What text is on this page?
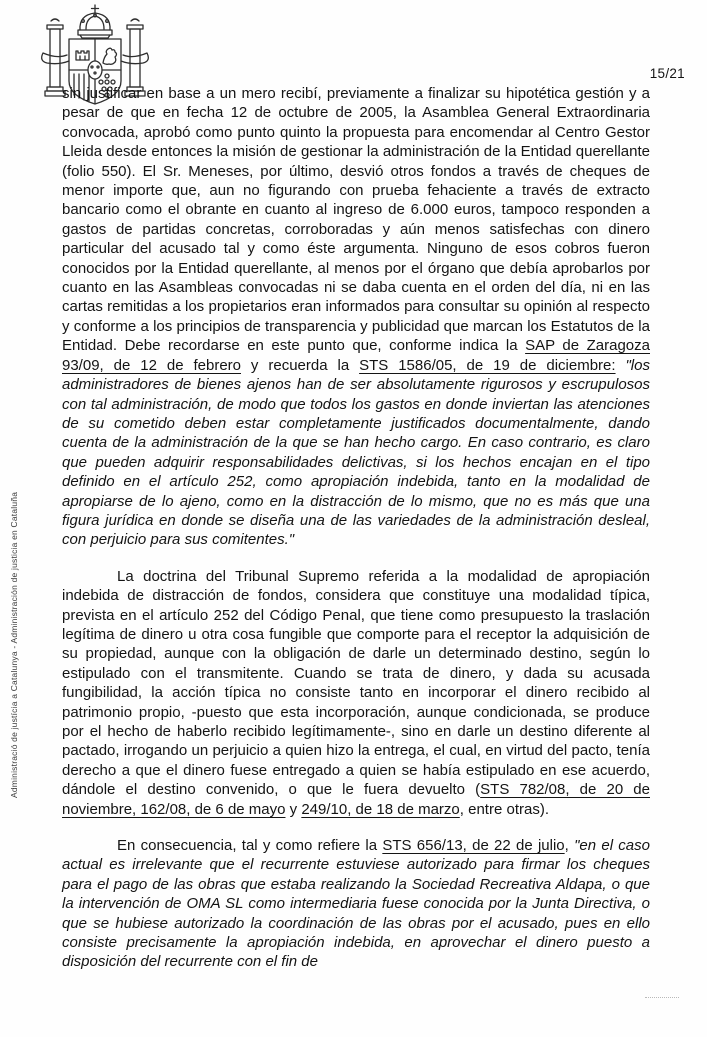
15/21
Administració de justícia a Catalunya - Administración de justicia en Cataluña

sin justificar en base a un mero recibí, previamente a finalizar su hipotética gestión y a pesar de que en fecha 12 de octubre de 2005, la Asamblea General Extraordinaria convocada, aprobó como punto quinto la propuesta para encomendar al Centro Gestor Lleida desde entonces la misión de gestionar la administración de la Entidad querellante (folio 550). El Sr. Meneses, por último, desvió otros fondos a través de cheques de menor importe que, aun no figurando con prueba fehaciente a través de extracto bancario como el obrante en cuanto al ingreso de 6.000 euros, tampoco responden a gastos de partidas concretas, corroboradas y aún menos satisfechas con dinero particular del acusado tal y como éste argumenta. Ninguno de esos cobros fueron conocidos por la Entidad querellante, al menos por el órgano que debía aprobarlos por cuanto en las Asambleas convocadas ni se daba cuenta en el orden del día, ni en las cartas remitidas a los propietarios eran informados para consultar su opinión al respecto y conforme a los principios de transparencia y publicidad que marcan los Estatutos de la Entidad. Debe recordarse en este punto que, conforme indica la SAP de Zaragoza 93/09, de 12 de febrero y recuerda la STS 1586/05, de 19 de diciembre: "los administradores de bienes ajenos han de ser absolutamente rigurosos y escrupulosos con tal administración, de modo que todos los gastos en donde inviertan las atenciones de su cometido deben estar completamente justificados documentalmente, dando cuenta de la administración de la que se han hecho cargo. En caso contrario, es claro que pueden adquirir responsabilidades delictivas, si los hechos encajan en el tipo definido en el artículo 252, como apropiación indebida, tanto en la modalidad de apropiarse de lo ajeno, como en la distracción de lo mismo, que no es más que una figura jurídica en donde se diseña una de las variedades de la administración desleal, con perjuicio para sus comitentes."

La doctrina del Tribunal Supremo referida a la modalidad de apropiación indebida de distracción de fondos, considera que constituye una modalidad típica, prevista en el artículo 252 del Código Penal, que tiene como presupuesto la traslación legítima de dinero u otra cosa fungible que comporte para el receptor la adquisición de su propiedad, aunque con la obligación de darle un determinado destino, según lo estipulado con el transmitente. Cuando se trata de dinero, y dada su acusada fungibilidad, la acción típica no consiste tanto en incorporar el dinero recibido al patrimonio propio, -puesto que esta incorporación, aunque condicionada, se produce por el hecho de haberlo recibido legítimamente-, sino en darle un destino diferente al pactado, irrogando un perjuicio a quien hizo la entrega, el cual, en virtud del pacto, tenía derecho a que el dinero fuese entregado a quien se había estipulado en ese acuerdo, dándole el destino convenido, o que le fuera devuelto (STS 782/08, de 20 de noviembre, 162/08, de 6 de mayo y 249/10, de 18 de marzo, entre otras).

En consecuencia, tal y como refiere la STS 656/13, de 22 de julio, "en el caso actual es irrelevante que el recurrente estuviese autorizado para firmar los cheques para el pago de las obras que estaba realizando la Sociedad Recreativa Aldapa, o que la intervención de OMA SL como intermediaria fuese conocida por la Junta Directiva, o que se hubiese autorizado la coordinación de las obras por el acusado, pues en ello consiste precisamente la apropiación indebida, en aprovechar el dinero puesto a disposición del recurrente con el fin de
